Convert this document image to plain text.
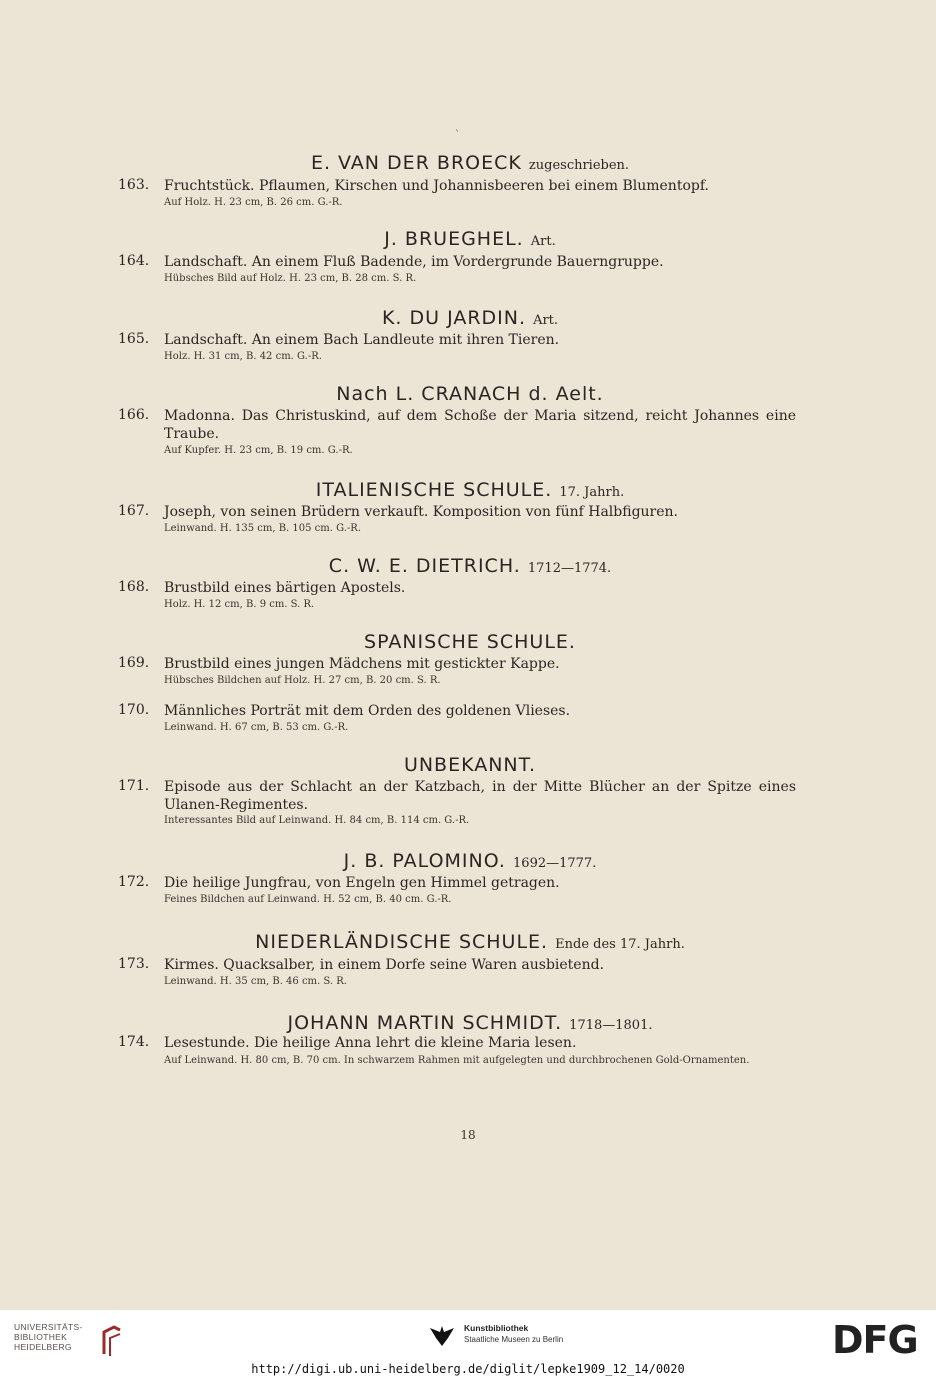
`
E. VAN DER BROECK zugeschrieben.
163. Fruchtstück. Pflaumen, Kirschen und Johannisbeeren bei einem Blumentopf.
Auf Holz. H. 23 cm, B. 26 cm. G.-R.
J. BRUEGHEL. Art.
164. Landschaft. An einem Fluß Badende, im Vordergrunde Bauerngruppe.
Hübsches Bild auf Holz. H. 23 cm, B. 28 cm. S. R.
K. DU JARDIN. Art.
165. Landschaft. An einem Bach Landleute mit ihren Tieren.
Holz. H. 31 cm, B. 42 cm. G.-R.
Nach L. CRANACH d. Aelt.
166. Madonna. Das Christuskind, auf dem Schoße der Maria sitzend, reicht Johannes eine Traube.
Auf Kupfer. H. 23 cm, B. 19 cm. G.-R.
ITALIENISCHE SCHULE. 17. Jahrh.
167. Joseph, von seinen Brüdern verkauft. Komposition von fünf Halbfiguren.
Leinwand. H. 135 cm, B. 105 cm. G.-R.
C. W. E. DIETRICH. 1712—1774.
168. Brustbild eines bärtigen Apostels.
Holz. H. 12 cm, B. 9 cm. S. R.
SPANISCHE SCHULE.
169. Brustbild eines jungen Mädchens mit gestickter Kappe.
Hübsches Bildchen auf Holz. H. 27 cm, B. 20 cm. S. R.
170. Männliches Porträt mit dem Orden des goldenen Vlieses.
Leinwand. H. 67 cm, B. 53 cm. G.-R.
UNBEKANNT.
171. Episode aus der Schlacht an der Katzbach, in der Mitte Blücher an der Spitze eines Ulanen-Regimentes.
Interessantes Bild auf Leinwand. H. 84 cm, B. 114 cm. G.-R.
J. B. PALOMINO. 1692—1777.
172. Die heilige Jungfrau, von Engeln gen Himmel getragen.
Feines Bildchen auf Leinwand. H. 52 cm, B. 40 cm. G.-R.
NIEDERLÄNDISCHE SCHULE. Ende des 17. Jahrh.
173. Kirmes. Quacksalber, in einem Dorfe seine Waren ausbietend.
Leinwand. H. 35 cm, B. 46 cm. S. R.
JOHANN MARTIN SCHMIDT. 1718—1801.
174. Lesestunde. Die heilige Anna lehrt die kleine Maria lesen.
Auf Leinwand. H. 80 cm, B. 70 cm. In schwarzem Rahmen mit aufgelegten und durchbrochenen Gold-Ornamenten.
18
UNIVERSITÄTS-
BIBLIOTHEK
HEIDELBERG
Kunstbibliothek
Staatliche Museen zu Berlin	DFG
http://digi.ub.uni-heidelberg.de/diglit/lepke1909_12_14/0020
